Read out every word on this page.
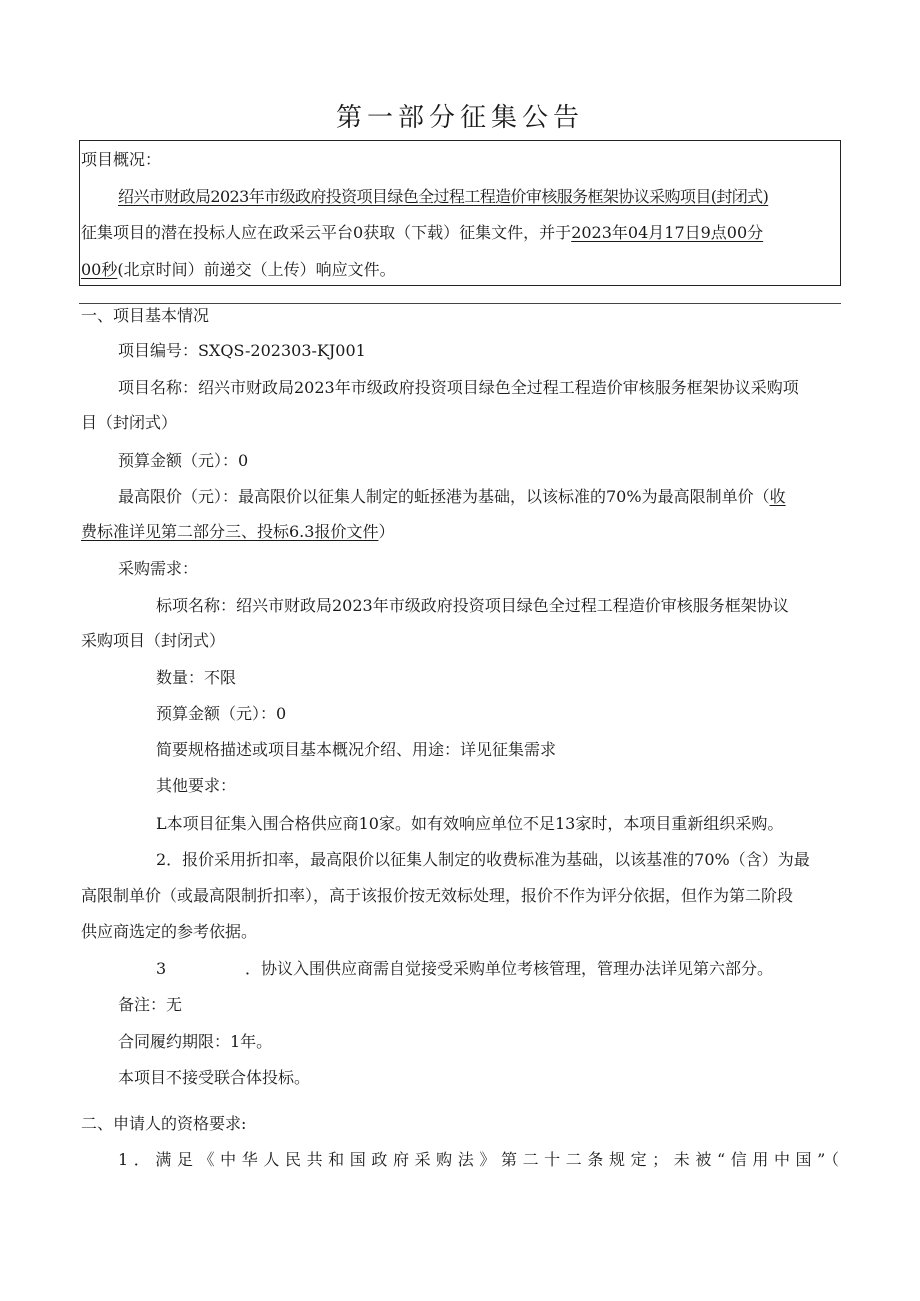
第一部分征集公告
项目概况：
绍兴市财政局2023年市级政府投资项目绿色全过程工程造价审核服务框架协议采购项目(封闭式)
征集项目的潜在投标人应在政采云平台0获取（下载）征集文件，并于2023年04月17日9点00分
00秒(北京时间）前递交（上传）响应文件。
一、项目基本情况
项目编号：SXQS-202303-KJ001
项目名称：绍兴市财政局2023年市级政府投资项目绿色全过程工程造价审核服务框架协议采购项
目（封闭式）
预算金额（元）：0
最高限价（元）：最高限价以征集人制定的蚯拯港为基础，以该标准的70%为最高限制单价（收
费标准详见第二部分三、投标6.3报价文件）
采购需求：
标项名称：绍兴市财政局2023年市级政府投资项目绿色全过程工程造价审核服务框架协议
采购项目（封闭式）
数量：不限
预算金额（元）：0
简要规格描述或项目基本概况介绍、用途：详见征集需求
其他要求：
L本项目征集入围合格供应商10家。如有效响应单位不足13家时，本项目重新组织采购。
2．报价采用折扣率，最高限价以征集人制定的收费标准为基础，以该基准的70%（含）为最
高限制单价（或最高限制折扣率），高于该报价按无效标处理，报价不作为评分依据，但作为第二阶段
供应商选定的参考依据。
3	．协议入围供应商需自觉接受采购单位考核管理，管理办法详见第六部分。
备注：无
合同履约期限：1年。
本项目不接受联合体投标。
二、申请人的资格要求:
1．满足《中华人民共和国政府采购法》第二十二条规定；未被“信用中国”（
